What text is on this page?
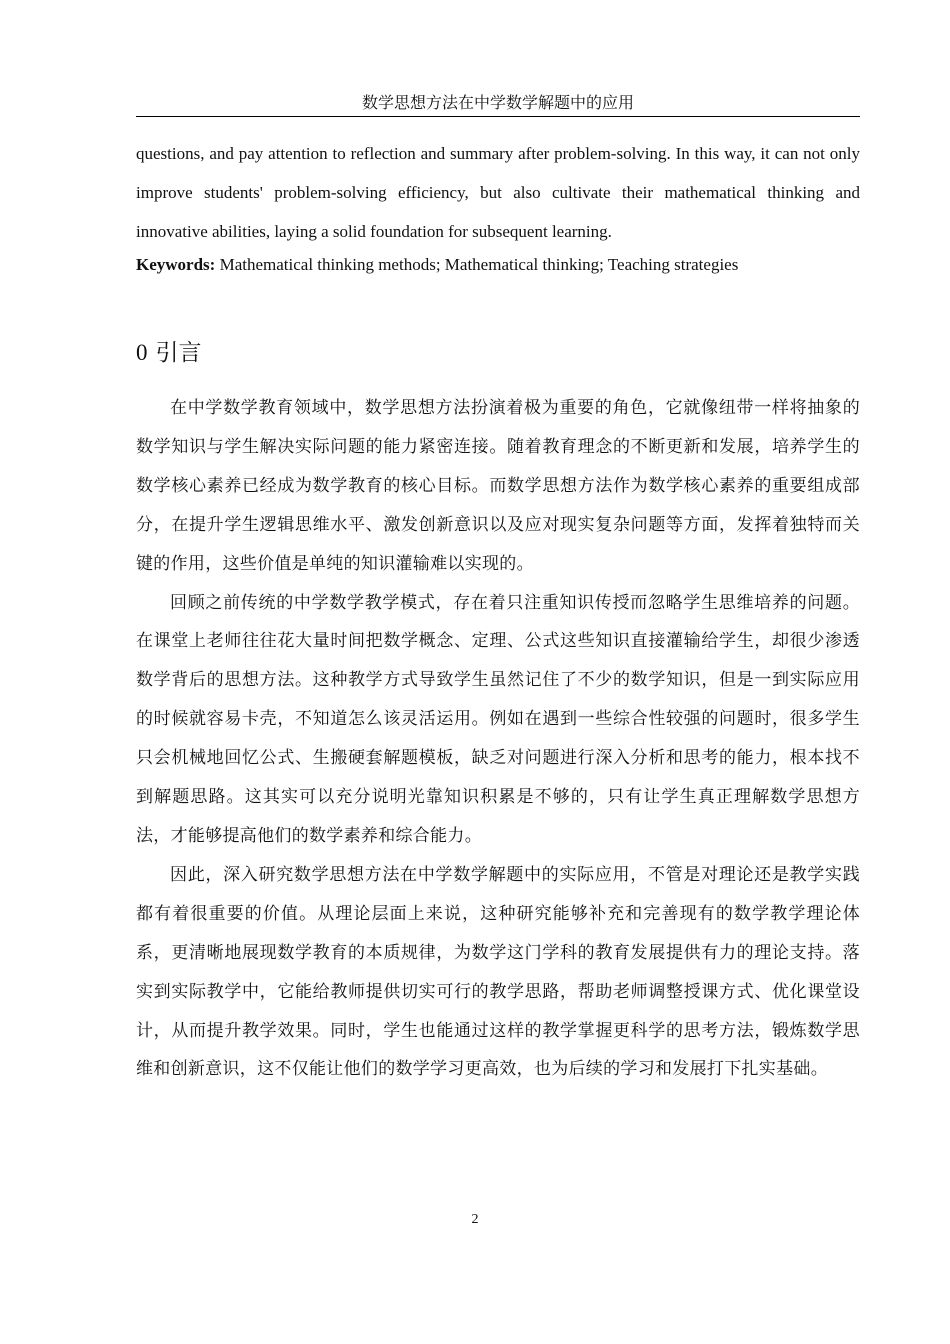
数学思想方法在中学数学解题中的应用
questions, and pay attention to reflection and summary after problem-solving. In this way, it can not only improve students' problem-solving efficiency, but also cultivate their mathematical thinking and innovative abilities, laying a solid foundation for subsequent learning.
Keywords: Mathematical thinking methods; Mathematical thinking; Teaching strategies
0 引言

在中学数学教育领域中，数学思想方法扮演着极为重要的角色，它就像纽带一样将抽象的数学知识与学生解决实际问题的能力紧密连接。随着教育理念的不断更新和发展，培养学生的数学核心素养已经成为数学教育的核心目标。而数学思想方法作为数学核心素养的重要组成部分，在提升学生逻辑思维水平、激发创新意识以及应对现实复杂问题等方面，发挥着独特而关键的作用，这些价值是单纯的知识灌输难以实现的。

回顾之前传统的中学数学教学模式，存在着只注重知识传授而忽略学生思维培养的问题。在课堂上老师往往花大量时间把数学概念、定理、公式这些知识直接灌输给学生，却很少渗透数学背后的思想方法。这种教学方式导致学生虽然记住了不少的数学知识，但是一到实际应用的时候就容易卡壳，不知道怎么该灵活运用。例如在遇到一些综合性较强的问题时，很多学生只会机械地回忆公式、生搬硬套解题模板，缺乏对问题进行深入分析和思考的能力，根本找不到解题思路。这其实可以充分说明光靠知识积累是不够的，只有让学生真正理解数学思想方法，才能够提高他们的数学素养和综合能力。

因此，深入研究数学思想方法在中学数学解题中的实际应用，不管是对理论还是教学实践都有着很重要的价值。从理论层面上来说，这种研究能够补充和完善现有的数学教学理论体系，更清晰地展现数学教育的本质规律，为数学这门学科的教育发展提供有力的理论支持。落实到实际教学中，它能给教师提供切实可行的教学思路，帮助老师调整授课方式、优化课堂设计，从而提升教学效果。同时，学生也能通过这样的教学掌握更科学的思考方法，锻炼数学思维和创新意识，这不仅能让他们的数学学习更高效，也为后续的学习和发展打下扎实基础。

2
